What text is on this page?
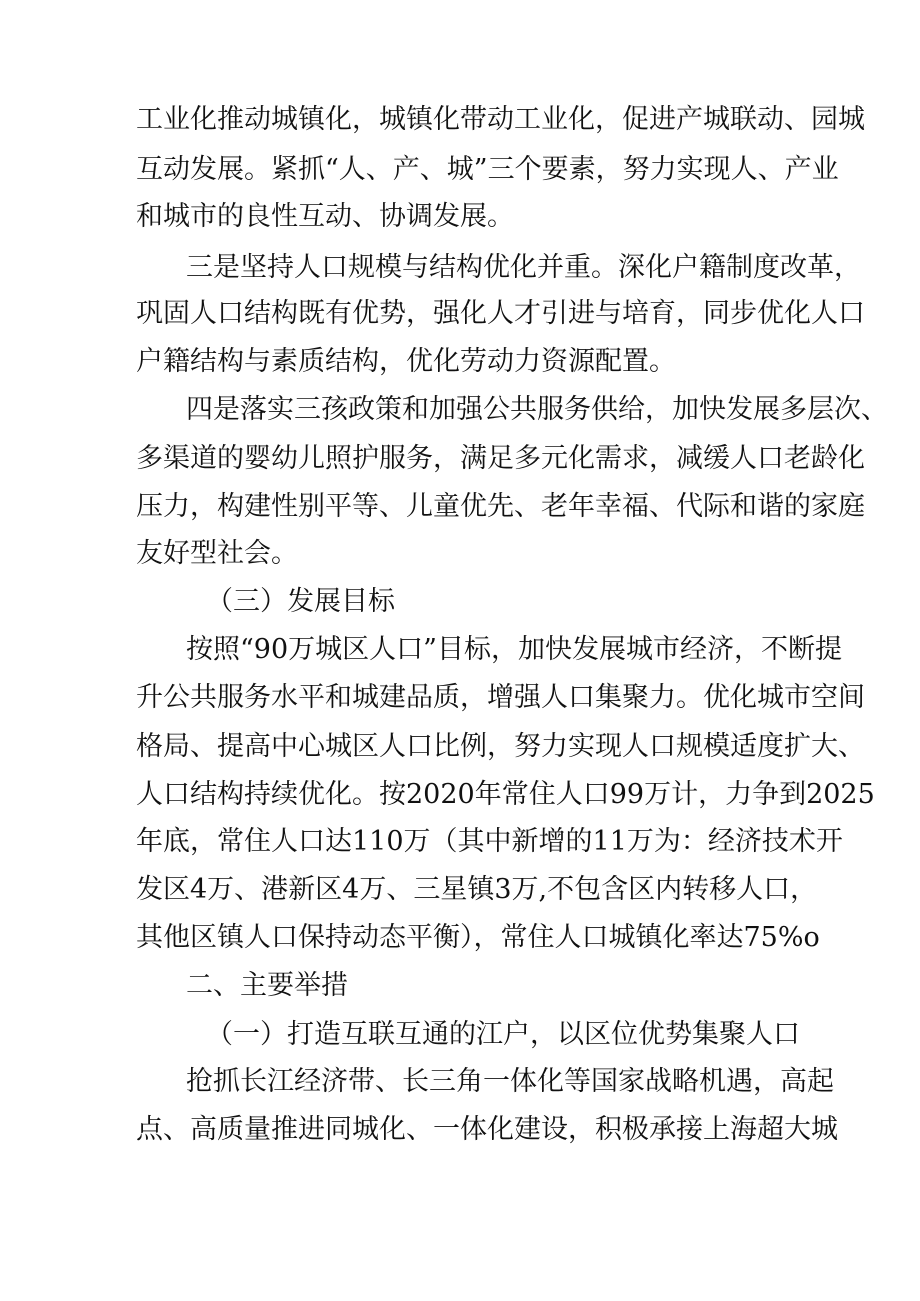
工业化推动城镇化，城镇化带动工业化，促进产城联动、园城
互动发展。紧抓“人、产、城”三个要素，努力实现人、产业
和城市的良性互动、协调发展。
三是坚持人口规模与结构优化并重。深化户籍制度改革，
巩固人口结构既有优势，强化人才引进与培育，同步优化人口
户籍结构与素质结构，优化劳动力资源配置。
四是落实三孩政策和加强公共服务供给，加快发展多层次、
多渠道的婴幼儿照护服务，满足多元化需求，减缓人口老龄化
压力，构建性别平等、儿童优先、老年幸福、代际和谐的家庭
友好型社会。
（三）发展目标
按照“90万城区人口”目标，加快发展城市经济，不断提
升公共服务水平和城建品质，增强人口集聚力。优化城市空间
格局、提高中心城区人口比例，努力实现人口规模适度扩大、
人口结构持续优化。按2020年常住人口99万计，力争到2025
年底，常住人口达110万（其中新增的11万为：经济技术开
发区4万、港新区4万、三星镇3万,不包含区内转移人口，
其他区镇人口保持动态平衡），常住人口城镇化率达75%o
二、主要举措
（一）打造互联互通的江户，以区位优势集聚人口
抢抓长江经济带、长三角一体化等国家战略机遇，高起
点、高质量推进同城化、一体化建设，积极承接上海超大城
